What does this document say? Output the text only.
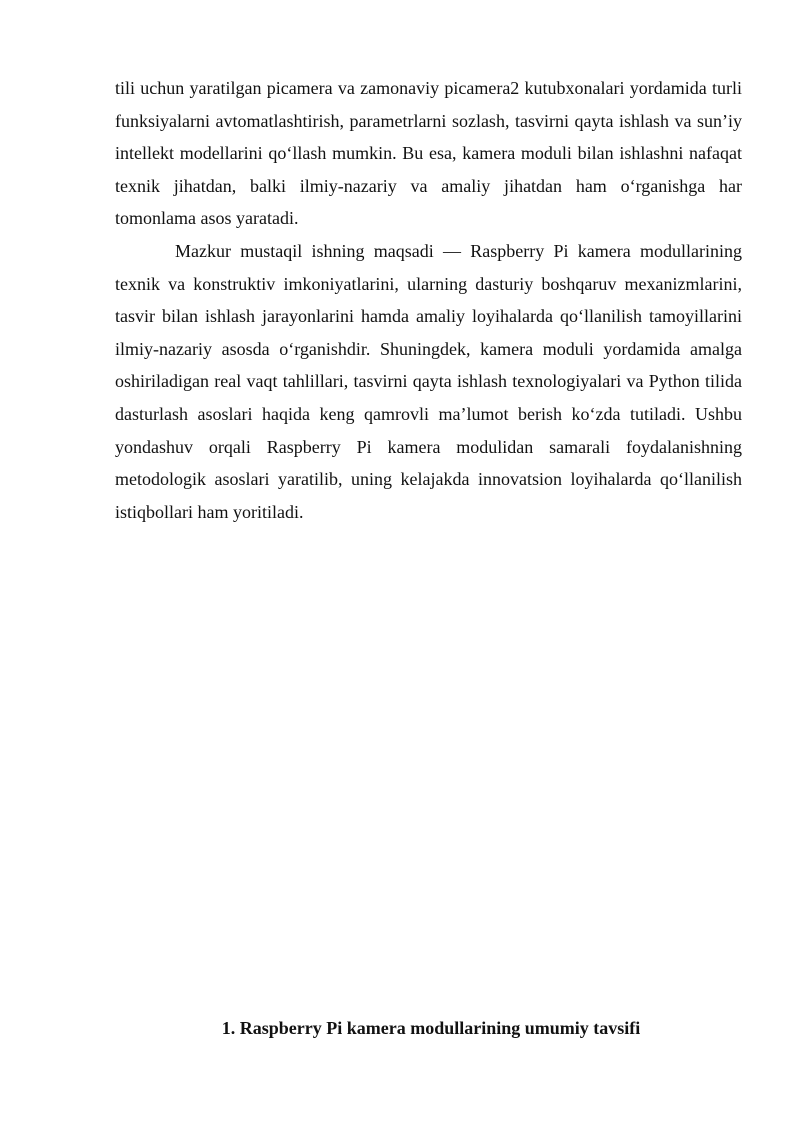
tili uchun yaratilgan picamera va zamonaviy picamera2 kutubxonalari yordamida turli funksiyalarni avtomatlashtirish, parametrlarni sozlash, tasvirni qayta ishlash va sun’iy intellekt modellarini qo‘llash mumkin. Bu esa, kamera moduli bilan ishlashni nafaqat texnik jihatdan, balki ilmiy-nazariy va amaliy jihatdan ham o‘rganishga har tomonlama asos yaratadi.

Mazkur mustaqil ishning maqsadi — Raspberry Pi kamera modullarining texnik va konstruktiv imkoniyatlarini, ularning dasturiy boshqaruv mexanizmlarini, tasvir bilan ishlash jarayonlarini hamda amaliy loyihalarda qo‘llanilish tamoyillarini ilmiy-nazariy asosda o‘rganishdir. Shuningdek, kamera moduli yordamida amalga oshiriladigan real vaqt tahlillari, tasvirni qayta ishlash texnologiyalari va Python tilida dasturlash asoslari haqida keng qamrovli ma’lumot berish ko‘zda tutiladi. Ushbu yondashuv orqali Raspberry Pi kamera modulidan samarali foydalanishning metodologik asoslari yaratilib, uning kelajakda innovatsion loyihalarda qo‘llanilish istiqbollari ham yoritiladi.

1. Raspberry Pi kamera modullarining umumiy tavsifi
